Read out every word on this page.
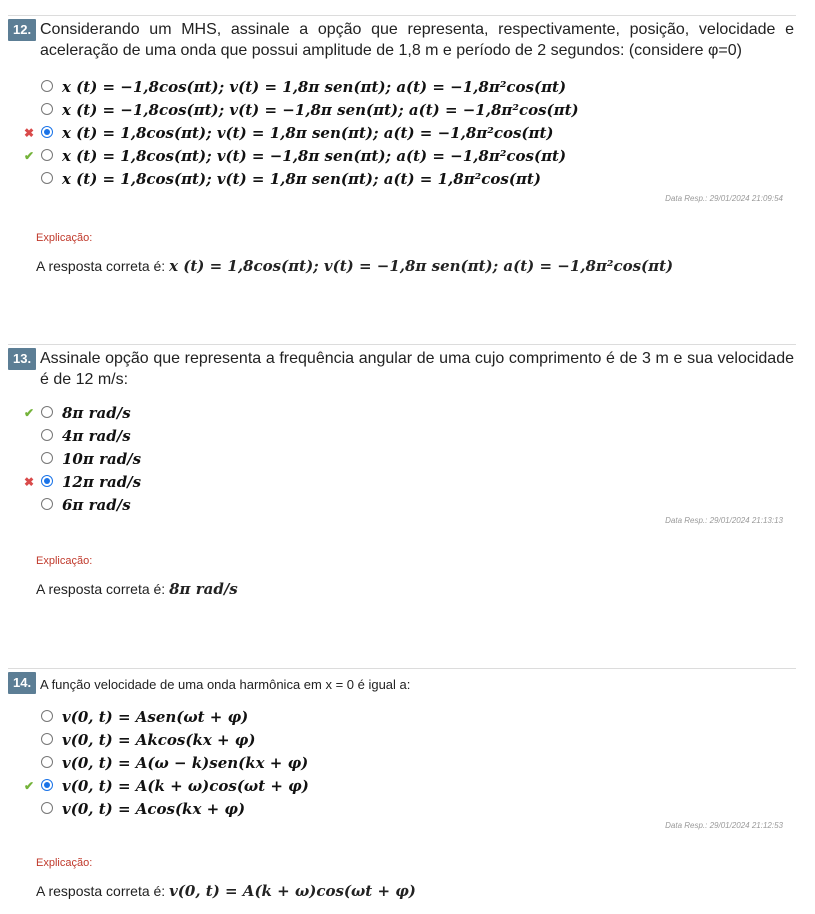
12. Considerando um MHS, assinale a opção que representa, respectivamente, posição, velocidade e aceleração de uma onda que possui amplitude de 1,8 m e período de 2 segundos: (considere φ=0)
x (t) = −1,8cos(πt); v(t) = 1,8π sen(πt); a(t) = −1,8π²cos(πt)
x (t) = −1,8cos(πt); v(t) = −1,8π sen(πt); a(t) = −1,8π²cos(πt)
✖ x (t) = 1,8cos(πt); v(t) = 1,8π sen(πt); a(t) = −1,8π²cos(πt)
✔ x (t) = 1,8cos(πt); v(t) = −1,8π sen(πt); a(t) = −1,8π²cos(πt)
x (t) = 1,8cos(πt); v(t) = 1,8π sen(πt); a(t) = 1,8π²cos(πt)
Data Resp.: 29/01/2024 21:09:54
Explicação:
A resposta correta é: x (t) = 1,8cos(πt); v(t) = −1,8π sen(πt); a(t) = −1,8π²cos(πt)
13. Assinale opção que representa a frequência angular de uma cujo comprimento é de 3 m e sua velocidade é de 12 m/s:
✔ 8π rad/s
4π rad/s
10π rad/s
✖ 12π rad/s
6π rad/s
Data Resp.: 29/01/2024 21:13:13
Explicação:
A resposta correta é: 8π rad/s
14. A função velocidade de uma onda harmônica em x = 0 é igual a:
v(0, t) = Asen(ωt + φ)
v(0, t) = Akcos(kx + φ)
v(0, t) = A(ω − k)sen(kx + φ)
✔ v(0, t) = A(k + ω)cos(ωt + φ)
v(0, t) = Acos(kx + φ)
Data Resp.: 29/01/2024 21:12:53
Explicação:
A resposta correta é: v(0, t) = A(k + ω)cos(ωt + φ)
